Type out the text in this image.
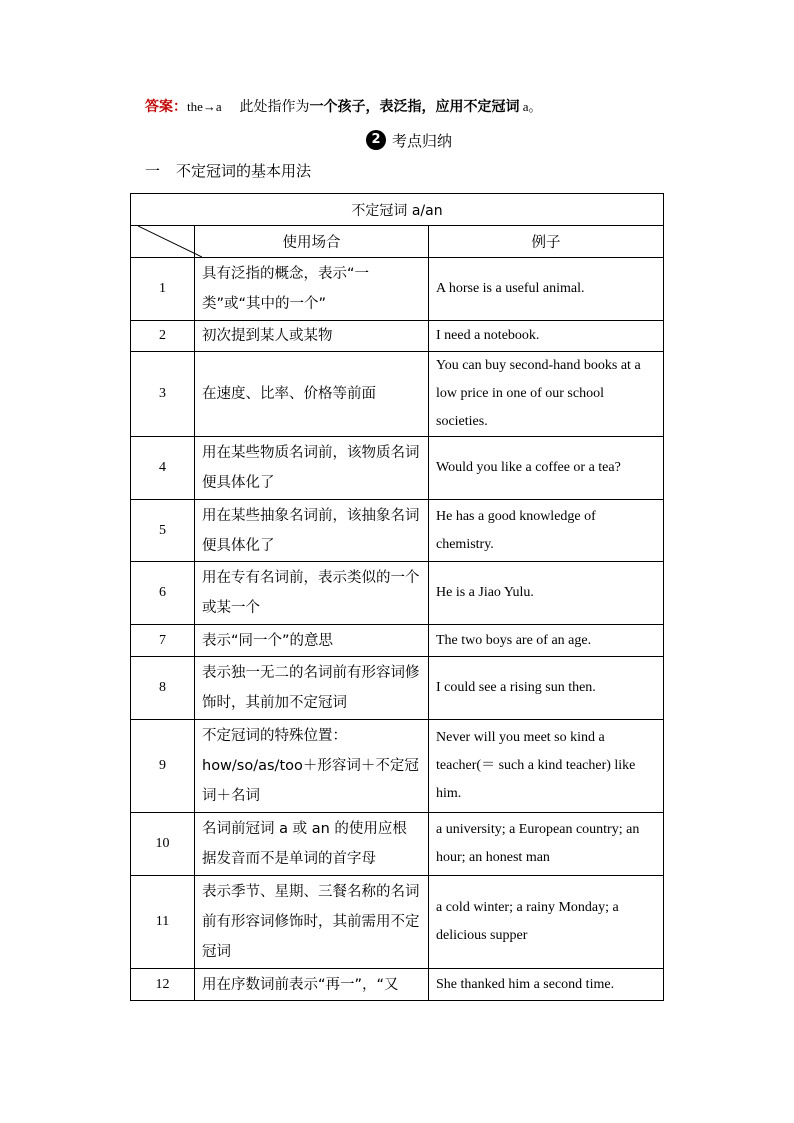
答案：the→a 此处指作为一个孩子，表泛指，应用不定冠词 a。
2 考点归纳
一 不定冠词的基本用法
不定冠词 a/an		

	使用场合	例子
1	具有泛指的概念，表示“一类”或“其中的一个”	A horse is a useful animal.
2	初次提到某人或某物	I need a notebook.
3	在速度、比率、价格等前面	You can buy second-hand books at a low price in one of our school societies.
4	用在某些物质名词前，该物质名词便具体化了	Would you like a coffee or a tea?
5	用在某些抽象名词前，该抽象名词便具体化了	He has a good knowledge of chemistry.
6	用在专有名词前，表示类似的一个或某一个	He is a Jiao Yulu.
7	表示“同一个”的意思	The two boys are of an age.
8	表示独一无二的名词前有形容词修饰时，其前加不定冠词	I could see a rising sun then.
9	不定冠词的特殊位置：how/so/as/too＋形容词＋不定冠词＋名词	Never will you meet so kind a teacher(＝ such a kind teacher) like him.
10	名词前冠词 a 或 an 的使用应根据发音而不是单词的首字母	a university; a European country; an hour; an honest man
11	表示季节、星期、三餐名称的名词前有形容词修饰时，其前需用不定冠词	a cold winter; a rainy Monday; a delicious supper
12	用在序数词前表示“再一”，“又	She thanked him a second time.
